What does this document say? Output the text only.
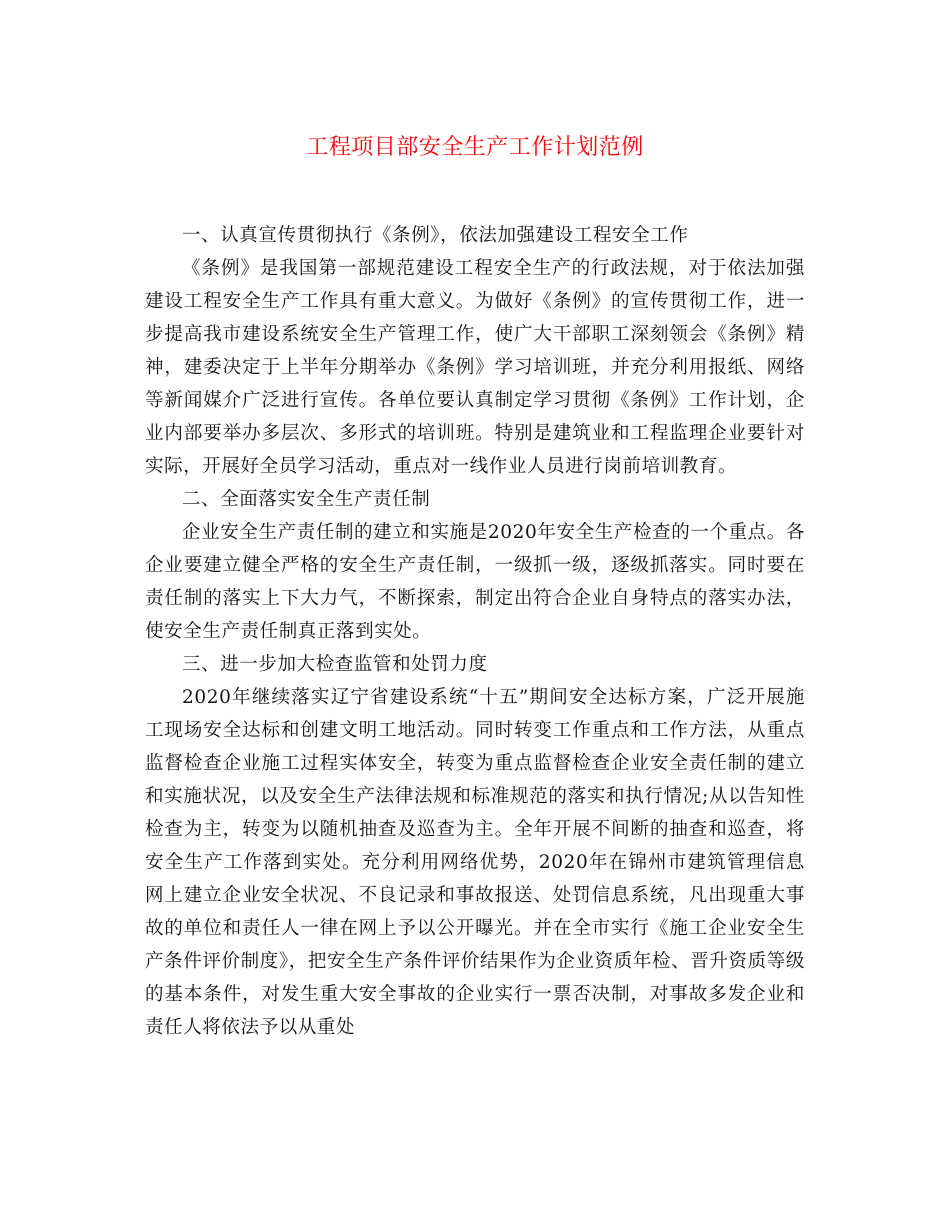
工程项目部安全生产工作计划范例

一、认真宣传贯彻执行《条例》，依法加强建设工程安全工作

《条例》是我国第一部规范建设工程安全生产的行政法规，对于依法加强建设工程安全生产工作具有重大意义。为做好《条例》的宣传贯彻工作，进一步提高我市建设系统安全生产管理工作，使广大干部职工深刻领会《条例》精神，建委决定于上半年分期举办《条例》学习培训班，并充分利用报纸、网络等新闻媒介广泛进行宣传。各单位要认真制定学习贯彻《条例》工作计划，企业内部要举办多层次、多形式的培训班。特别是建筑业和工程监理企业要针对实际，开展好全员学习活动，重点对一线作业人员进行岗前培训教育。

二、全面落实安全生产责任制

企业安全生产责任制的建立和实施是2020年安全生产检查的一个重点。各企业要建立健全严格的安全生产责任制，一级抓一级，逐级抓落实。同时要在责任制的落实上下大力气，不断探索，制定出符合企业自身特点的落实办法，使安全生产责任制真正落到实处。

三、进一步加大检查监管和处罚力度

2020年继续落实辽宁省建设系统“十五”期间安全达标方案，广泛开展施工现场安全达标和创建文明工地活动。同时转变工作重点和工作方法，从重点监督检查企业施工过程实体安全，转变为重点监督检查企业安全责任制的建立和实施状况，以及安全生产法律法规和标准规范的落实和执行情况;从以告知性检查为主，转变为以随机抽查及巡查为主。全年开展不间断的抽查和巡查，将安全生产工作落到实处。充分利用网络优势，2020年在锦州市建筑管理信息网上建立企业安全状况、不良记录和事故报送、处罚信息系统，凡出现重大事故的单位和责任人一律在网上予以公开曝光。并在全市实行《施工企业安全生产条件评价制度》，把安全生产条件评价结果作为企业资质年检、晋升资质等级的基本条件，对发生重大安全事故的企业实行一票否决制，对事故多发企业和责任人将依法予以从重处
